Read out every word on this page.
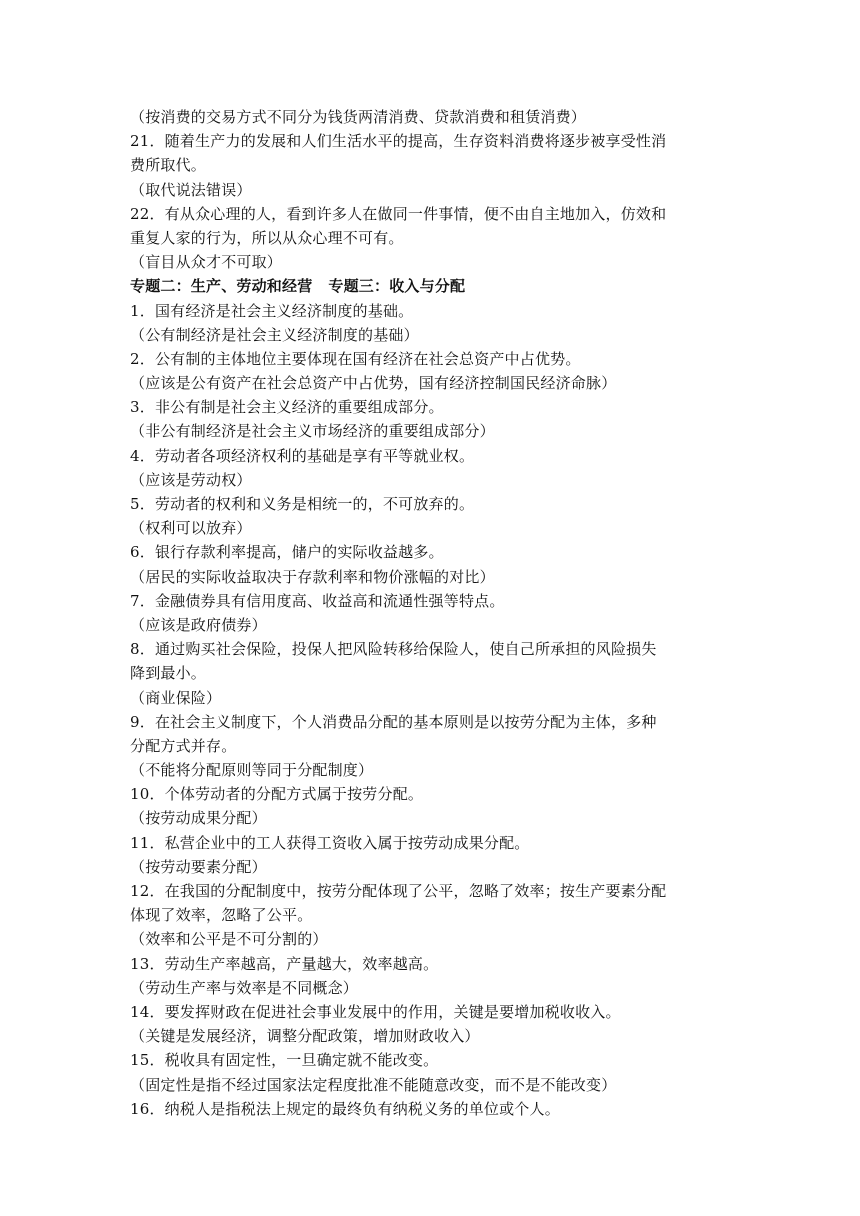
（按消费的交易方式不同分为钱货两清消费、贷款消费和租赁消费）
21．随着生产力的发展和人们生活水平的提高，生存资料消费将逐步被享受性消
费所取代。
（取代说法错误）
22．有从众心理的人，看到许多人在做同一件事情，便不由自主地加入，仿效和
重复人家的行为，所以从众心理不可有。
（盲目从众才不可取）
专题二：生产、劳动和经营 专题三：收入与分配
1．国有经济是社会主义经济制度的基础。
（公有制经济是社会主义经济制度的基础）
2．公有制的主体地位主要体现在国有经济在社会总资产中占优势。
（应该是公有资产在社会总资产中占优势，国有经济控制国民经济命脉）
3．非公有制是社会主义经济的重要组成部分。
（非公有制经济是社会主义市场经济的重要组成部分）
4．劳动者各项经济权利的基础是享有平等就业权。
（应该是劳动权）
5．劳动者的权利和义务是相统一的，不可放弃的。
（权利可以放弃）
6．银行存款利率提高，储户的实际收益越多。
（居民的实际收益取决于存款利率和物价涨幅的对比）
7．金融债券具有信用度高、收益高和流通性强等特点。
（应该是政府债券）
8．通过购买社会保险，投保人把风险转移给保险人，使自己所承担的风险损失
降到最小。
（商业保险）
9．在社会主义制度下，个人消费品分配的基本原则是以按劳分配为主体，多种
分配方式并存。
（不能将分配原则等同于分配制度）
10．个体劳动者的分配方式属于按劳分配。
（按劳动成果分配）
11．私营企业中的工人获得工资收入属于按劳动成果分配。
（按劳动要素分配）
12．在我国的分配制度中，按劳分配体现了公平，忽略了效率；按生产要素分配
体现了效率，忽略了公平。
（效率和公平是不可分割的）
13．劳动生产率越高，产量越大，效率越高。
（劳动生产率与效率是不同概念）
14．要发挥财政在促进社会事业发展中的作用，关键是要增加税收收入。
（关键是发展经济，调整分配政策，增加财政收入）
15．税收具有固定性，一旦确定就不能改变。
（固定性是指不经过国家法定程度批准不能随意改变，而不是不能改变）
16．纳税人是指税法上规定的最终负有纳税义务的单位或个人。
